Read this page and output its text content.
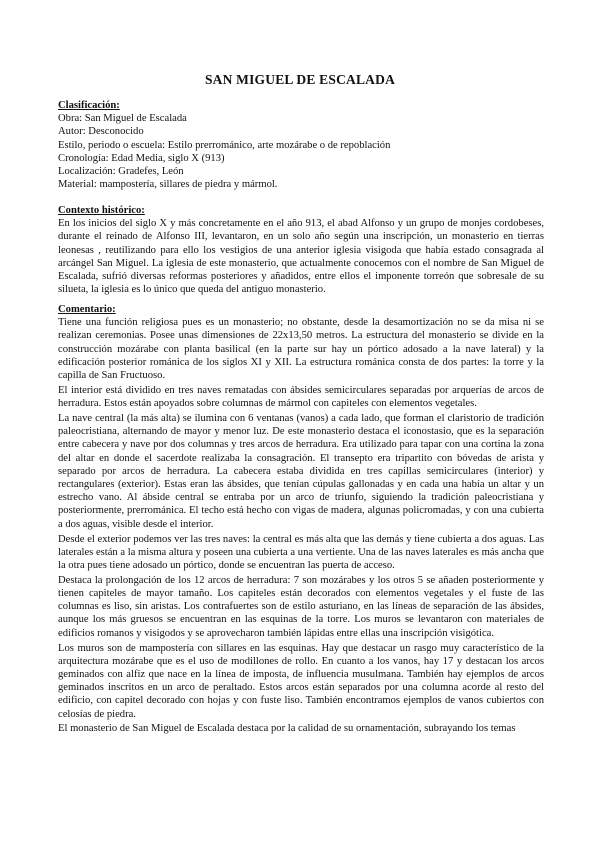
SAN MIGUEL DE ESCALADA
Clasificación:
Obra: San Miguel de Escalada
Autor: Desconocido
Estilo, periodo o escuela: Estilo prerrománico, arte mozárabe o de repoblación
Cronología: Edad Media, siglo X (913)
Localización: Gradefes, León
Material: mampostería, sillares de piedra y mármol.
Contexto histórico:

En los inicios del siglo X y más concretamente en el año 913, el abad Alfonso y un grupo de monjes cordobeses, durante el reinado de Alfonso III, levantaron, en un solo año según una inscripción, un monasterio en tierras leonesas , reutilizando para ello los vestigios de una anterior iglesia visigoda que había estado consagrada al arcángel San Miguel. La iglesia de este monasterio, que actualmente conocemos con el nombre de San Miguel de Escalada, sufrió diversas reformas posteriores y añadidos, entre ellos el imponente torreón que sobresale de su silueta, la iglesia es lo único que queda del antiguo monasterio.

Comentario:

Tiene una función religiosa pues es un monasterio; no obstante, desde la desamortización no se da misa ni se realizan ceremonias. Posee unas dimensiones de 22x13,50 metros. La estructura del monasterio se divide en la construcción mozárabe con planta basilical (en la parte sur hay un pórtico adosado a la nave lateral) y la edificación posterior románica de los siglos XI y XII. La estructura románica consta de dos partes: la torre y la capilla de San Fructuoso.

El interior está dividido en tres naves rematadas con ábsides semicirculares separadas por arquerías de arcos de herradura. Estos están apoyados sobre columnas de mármol con capiteles con elementos vegetales.

La nave central (la más alta) se ilumina con 6 ventanas (vanos) a cada lado, que forman el claristorio de tradición paleocristiana, alternando de mayor y menor luz. De este monasterio destaca el iconostasio, que es la separación entre cabecera y nave por dos columnas y tres arcos de herradura. Era utilizado para tapar con una cortina la zona del altar en donde el sacerdote realizaba la consagración. El transepto era tripartito con bóvedas de arista y separado por arcos de herradura. La cabecera estaba dividida en tres capillas semicirculares (interior) y rectangulares (exterior). Estas eran las ábsides, que tenían cúpulas gallonadas y en cada una había un altar y un estrecho vano. Al ábside central se entraba por un arco de triunfo, siguiendo la tradición paleocristiana y posteriormente, prerrománica. El techo está hecho con vigas de madera, algunas policromadas, y con una cubierta a dos aguas, visible desde el interior.

Desde el exterior podemos ver las tres naves: la central es más alta que las demás y tiene cubierta a dos aguas. Las laterales están a la misma altura y poseen una cubierta a una vertiente. Una de las naves laterales es más ancha que la otra pues tiene adosado un pórtico, donde se encuentran las puerta de acceso.

Destaca la prolongación de los 12 arcos de herradura: 7 son mozárabes y los otros 5 se añaden posteriormente y tienen capiteles de mayor tamaño. Los capiteles están decorados con elementos vegetales y el fuste de las columnas es liso, sin aristas. Los contrafuertes son de estilo asturiano, en las líneas de separación de las ábsides, aunque los más gruesos se encuentran en las esquinas de la torre. Los muros se levantaron con materiales de edificios romanos y visigodos y se aprovecharon también lápidas entre ellas una inscripción visigótica.

Los muros son de mampostería con sillares en las esquinas. Hay que destacar un rasgo muy característico de la arquitectura mozárabe que es el uso de modillones de rollo. En cuanto a los vanos, hay 17 y destacan los arcos geminados con alfiz que nace en la línea de imposta, de influencia musulmana. También hay ejemplos de arcos geminados inscritos en un arco de peraltado. Estos arcos están separados por una columna acorde al resto del edificio, con capitel decorado con hojas y con fuste liso. También encontramos ejemplos de vanos cubiertos con celosías de piedra.

El monasterio de San Miguel de Escalada destaca por la calidad de su ornamentación, subrayando los temas
